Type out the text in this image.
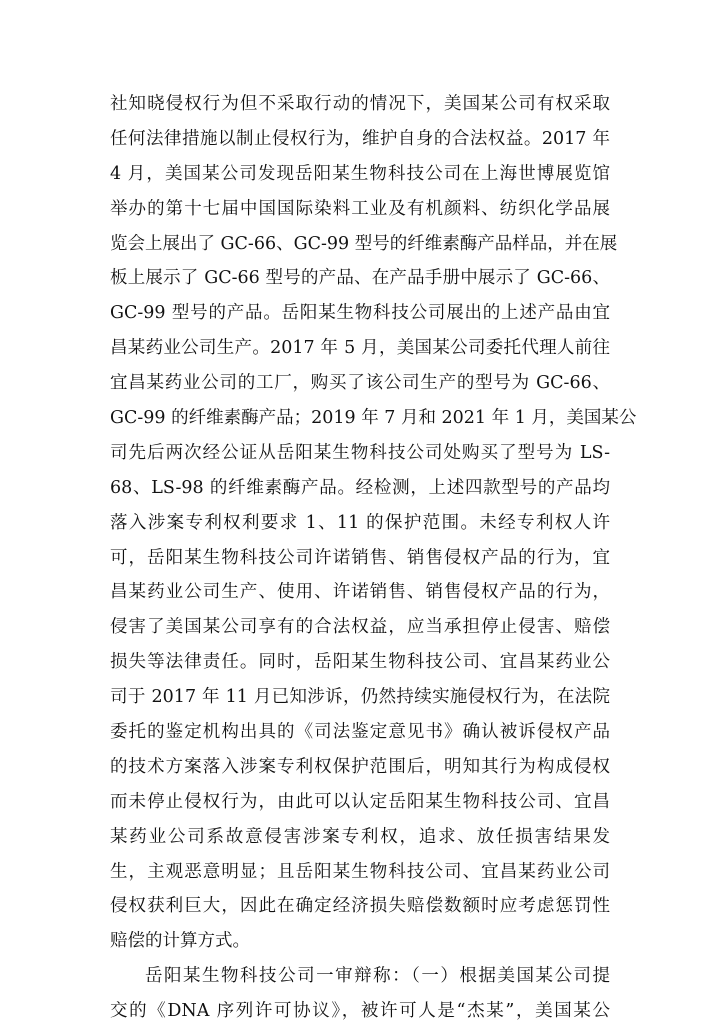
社知晓侵权行为但不采取行动的情况下，美国某公司有权采取
任何法律措施以制止侵权行为，维护自身的合法权益。2017 年
4 月，美国某公司发现岳阳某生物科技公司在上海世博展览馆
举办的第十七届中国国际染料工业及有机颜料、纺织化学品展
览会上展出了 GC-66、GC-99 型号的纤维素酶产品样品，并在展
板上展示了 GC-66 型号的产品、在产品手册中展示了 GC-66、
GC-99 型号的产品。岳阳某生物科技公司展出的上述产品由宜
昌某药业公司生产。2017 年 5 月，美国某公司委托代理人前往
宜昌某药业公司的工厂，购买了该公司生产的型号为 GC-66、
GC-99 的纤维素酶产品；2019 年 7 月和 2021 年 1 月，美国某公
司先后两次经公证从岳阳某生物科技公司处购买了型号为 LS-
68、LS-98 的纤维素酶产品。经检测，上述四款型号的产品均
落入涉案专利权利要求 1、11 的保护范围。未经专利权人许
可，岳阳某生物科技公司许诺销售、销售侵权产品的行为，宜
昌某药业公司生产、使用、许诺销售、销售侵权产品的行为，
侵害了美国某公司享有的合法权益，应当承担停止侵害、赔偿
损失等法律责任。同时，岳阳某生物科技公司、宜昌某药业公
司于 2017 年 11 月已知涉诉，仍然持续实施侵权行为，在法院
委托的鉴定机构出具的《司法鉴定意见书》确认被诉侵权产品
的技术方案落入涉案专利权保护范围后，明知其行为构成侵权
而未停止侵权行为，由此可以认定岳阳某生物科技公司、宜昌
某药业公司系故意侵害涉案专利权，追求、放任损害结果发
生，主观恶意明显；且岳阳某生物科技公司、宜昌某药业公司
侵权获利巨大，因此在确定经济损失赔偿数额时应考虑惩罚性
赔偿的计算方式。
岳阳某生物科技公司一审辩称：（一）根据美国某公司提
交的《DNA 序列许可协议》，被许可人是“杰某”，美国某公
